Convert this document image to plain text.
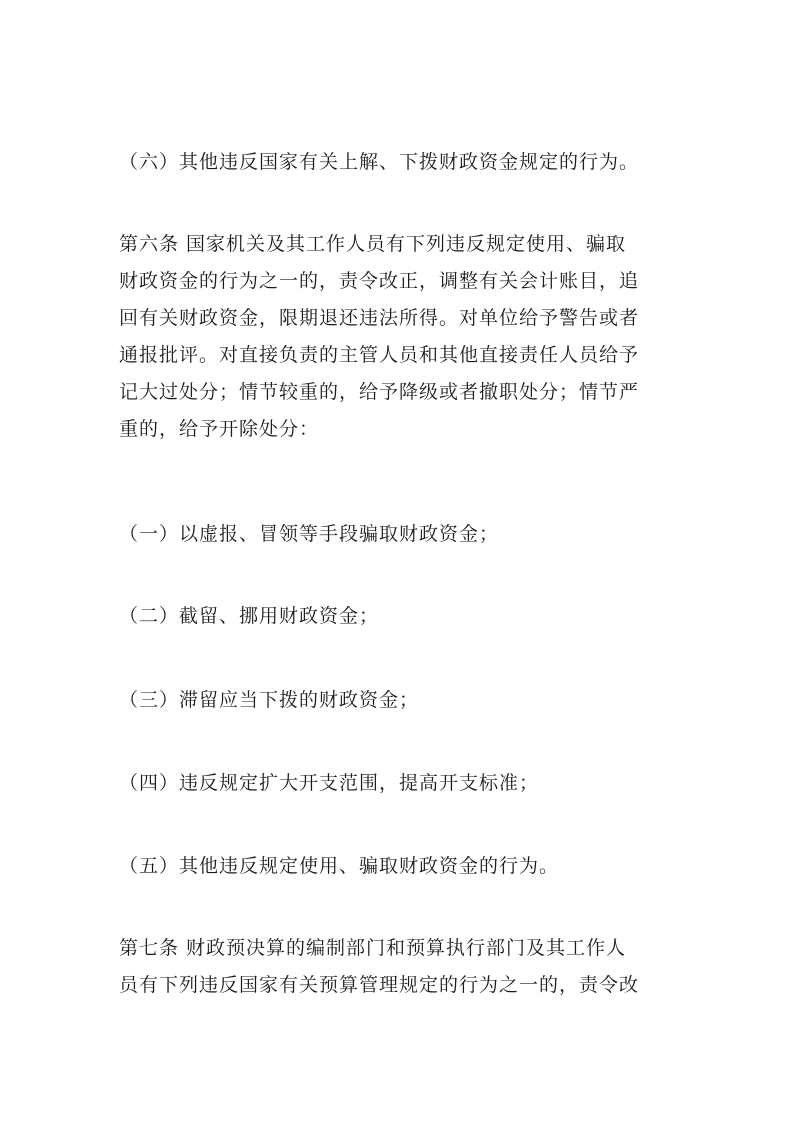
（六）其他违反国家有关上解、下拨财政资金规定的行为。

第六条 国家机关及其工作人员有下列违反规定使用、骗取
财政资金的行为之一的，责令改正，调整有关会计账目，追
回有关财政资金，限期退还违法所得。对单位给予警告或者
通报批评。对直接负责的主管人员和其他直接责任人员给予
记大过处分；情节较重的，给予降级或者撤职处分；情节严
重的，给予开除处分：

（一）以虚报、冒领等手段骗取财政资金；

（二）截留、挪用财政资金；

（三）滞留应当下拨的财政资金；

（四）违反规定扩大开支范围，提高开支标准；

（五）其他违反规定使用、骗取财政资金的行为。

第七条 财政预决算的编制部门和预算执行部门及其工作人
员有下列违反国家有关预算管理规定的行为之一的，责令改
